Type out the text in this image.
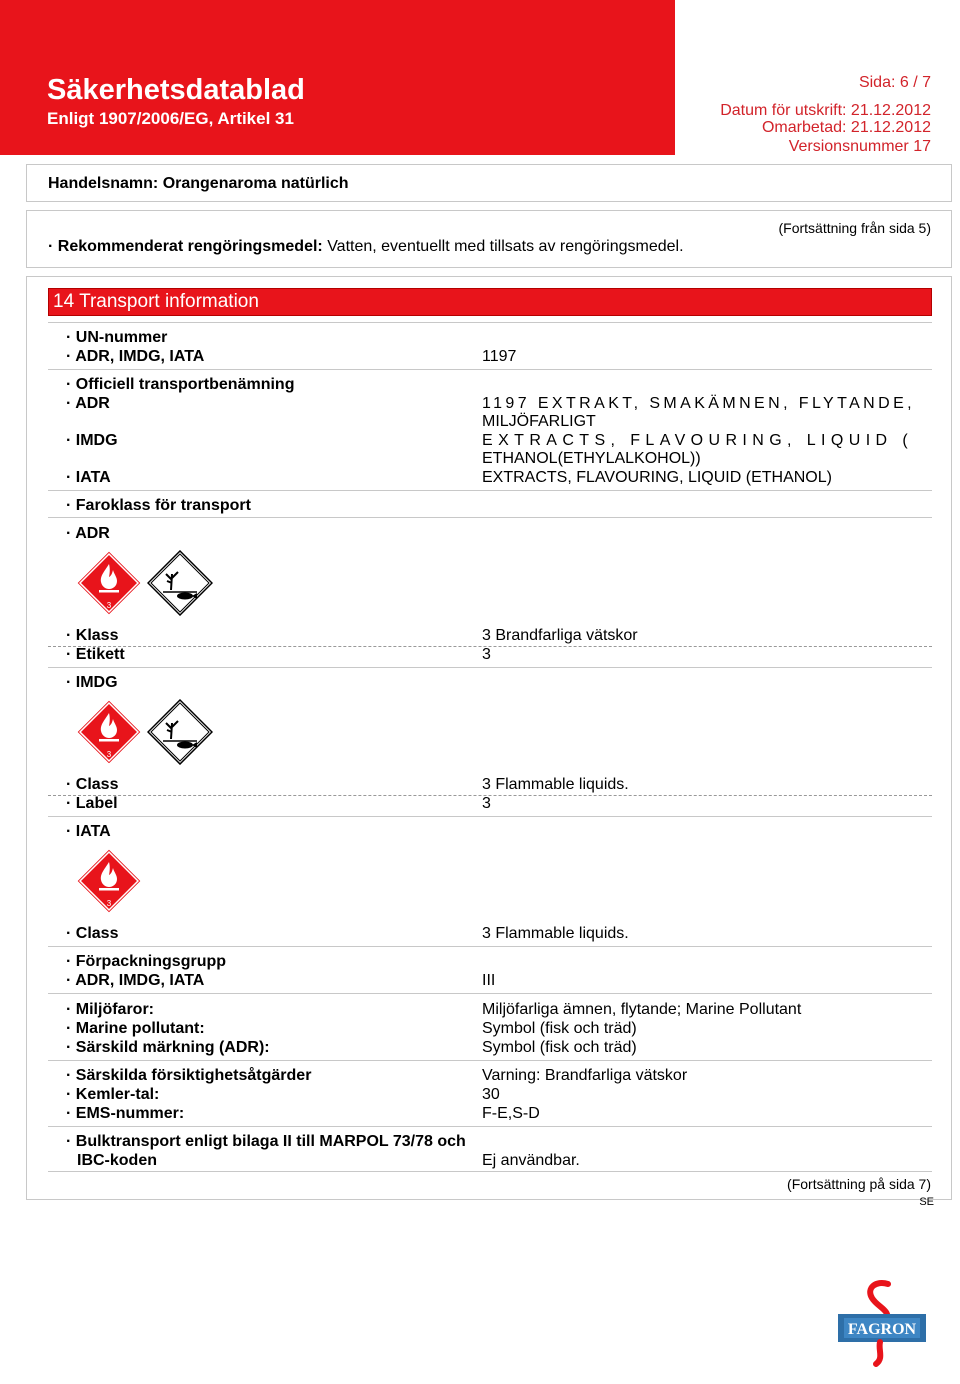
Säkerhetsdatablad
Enligt 1907/2006/EG, Artikel 31
Sida: 6 / 7
Datum för utskrift: 21.12.2012
Omarbetad: 21.12.2012
Versionsnummer 17
Handelsnamn: Orangenaroma natürlich
(Fortsättning från sida 5)
· Rekommenderat rengöringsmedel: Vatten, eventuellt med tillsats av rengöringsmedel.
14 Transport information
· UN-nummer
· ADR, IMDG, IATA	1197
· Officiell transportbenämning
· ADR	1197 EXTRAKT, SMAKÄMNEN, FLYTANDE,
MILJÖFARLIGT
· IMDG	EXTRACTS, FLAVOURING, LIQUID (
ETHANOL(ETHYLALKOHOL))
· IATA	EXTRACTS, FLAVOURING, LIQUID (ETHANOL)
· Faroklass för transport
· ADR
3
· Klass	3 Brandfarliga vätskor
· Etikett	3
· IMDG
3
· Class	3 Flammable liquids.
· Label	3
· IATA
3
· Class	3 Flammable liquids.
· Förpackningsgrupp
· ADR, IMDG, IATA	III
· Miljöfaror:	Miljöfarliga ämnen, flytande; Marine Pollutant
· Marine pollutant:	Symbol (fisk och träd)
· Särskild märkning (ADR):	Symbol (fisk och träd)
· Särskilda försiktighetsåtgärder	Varning: Brandfarliga vätskor
· Kemler-tal:	30
· EMS-nummer:	F-E,S-D
· Bulktransport enligt bilaga II till MARPOL 73/78 och
IBC-koden	Ej användbar.
(Fortsättning på sida 7)
SE
FAGRON
